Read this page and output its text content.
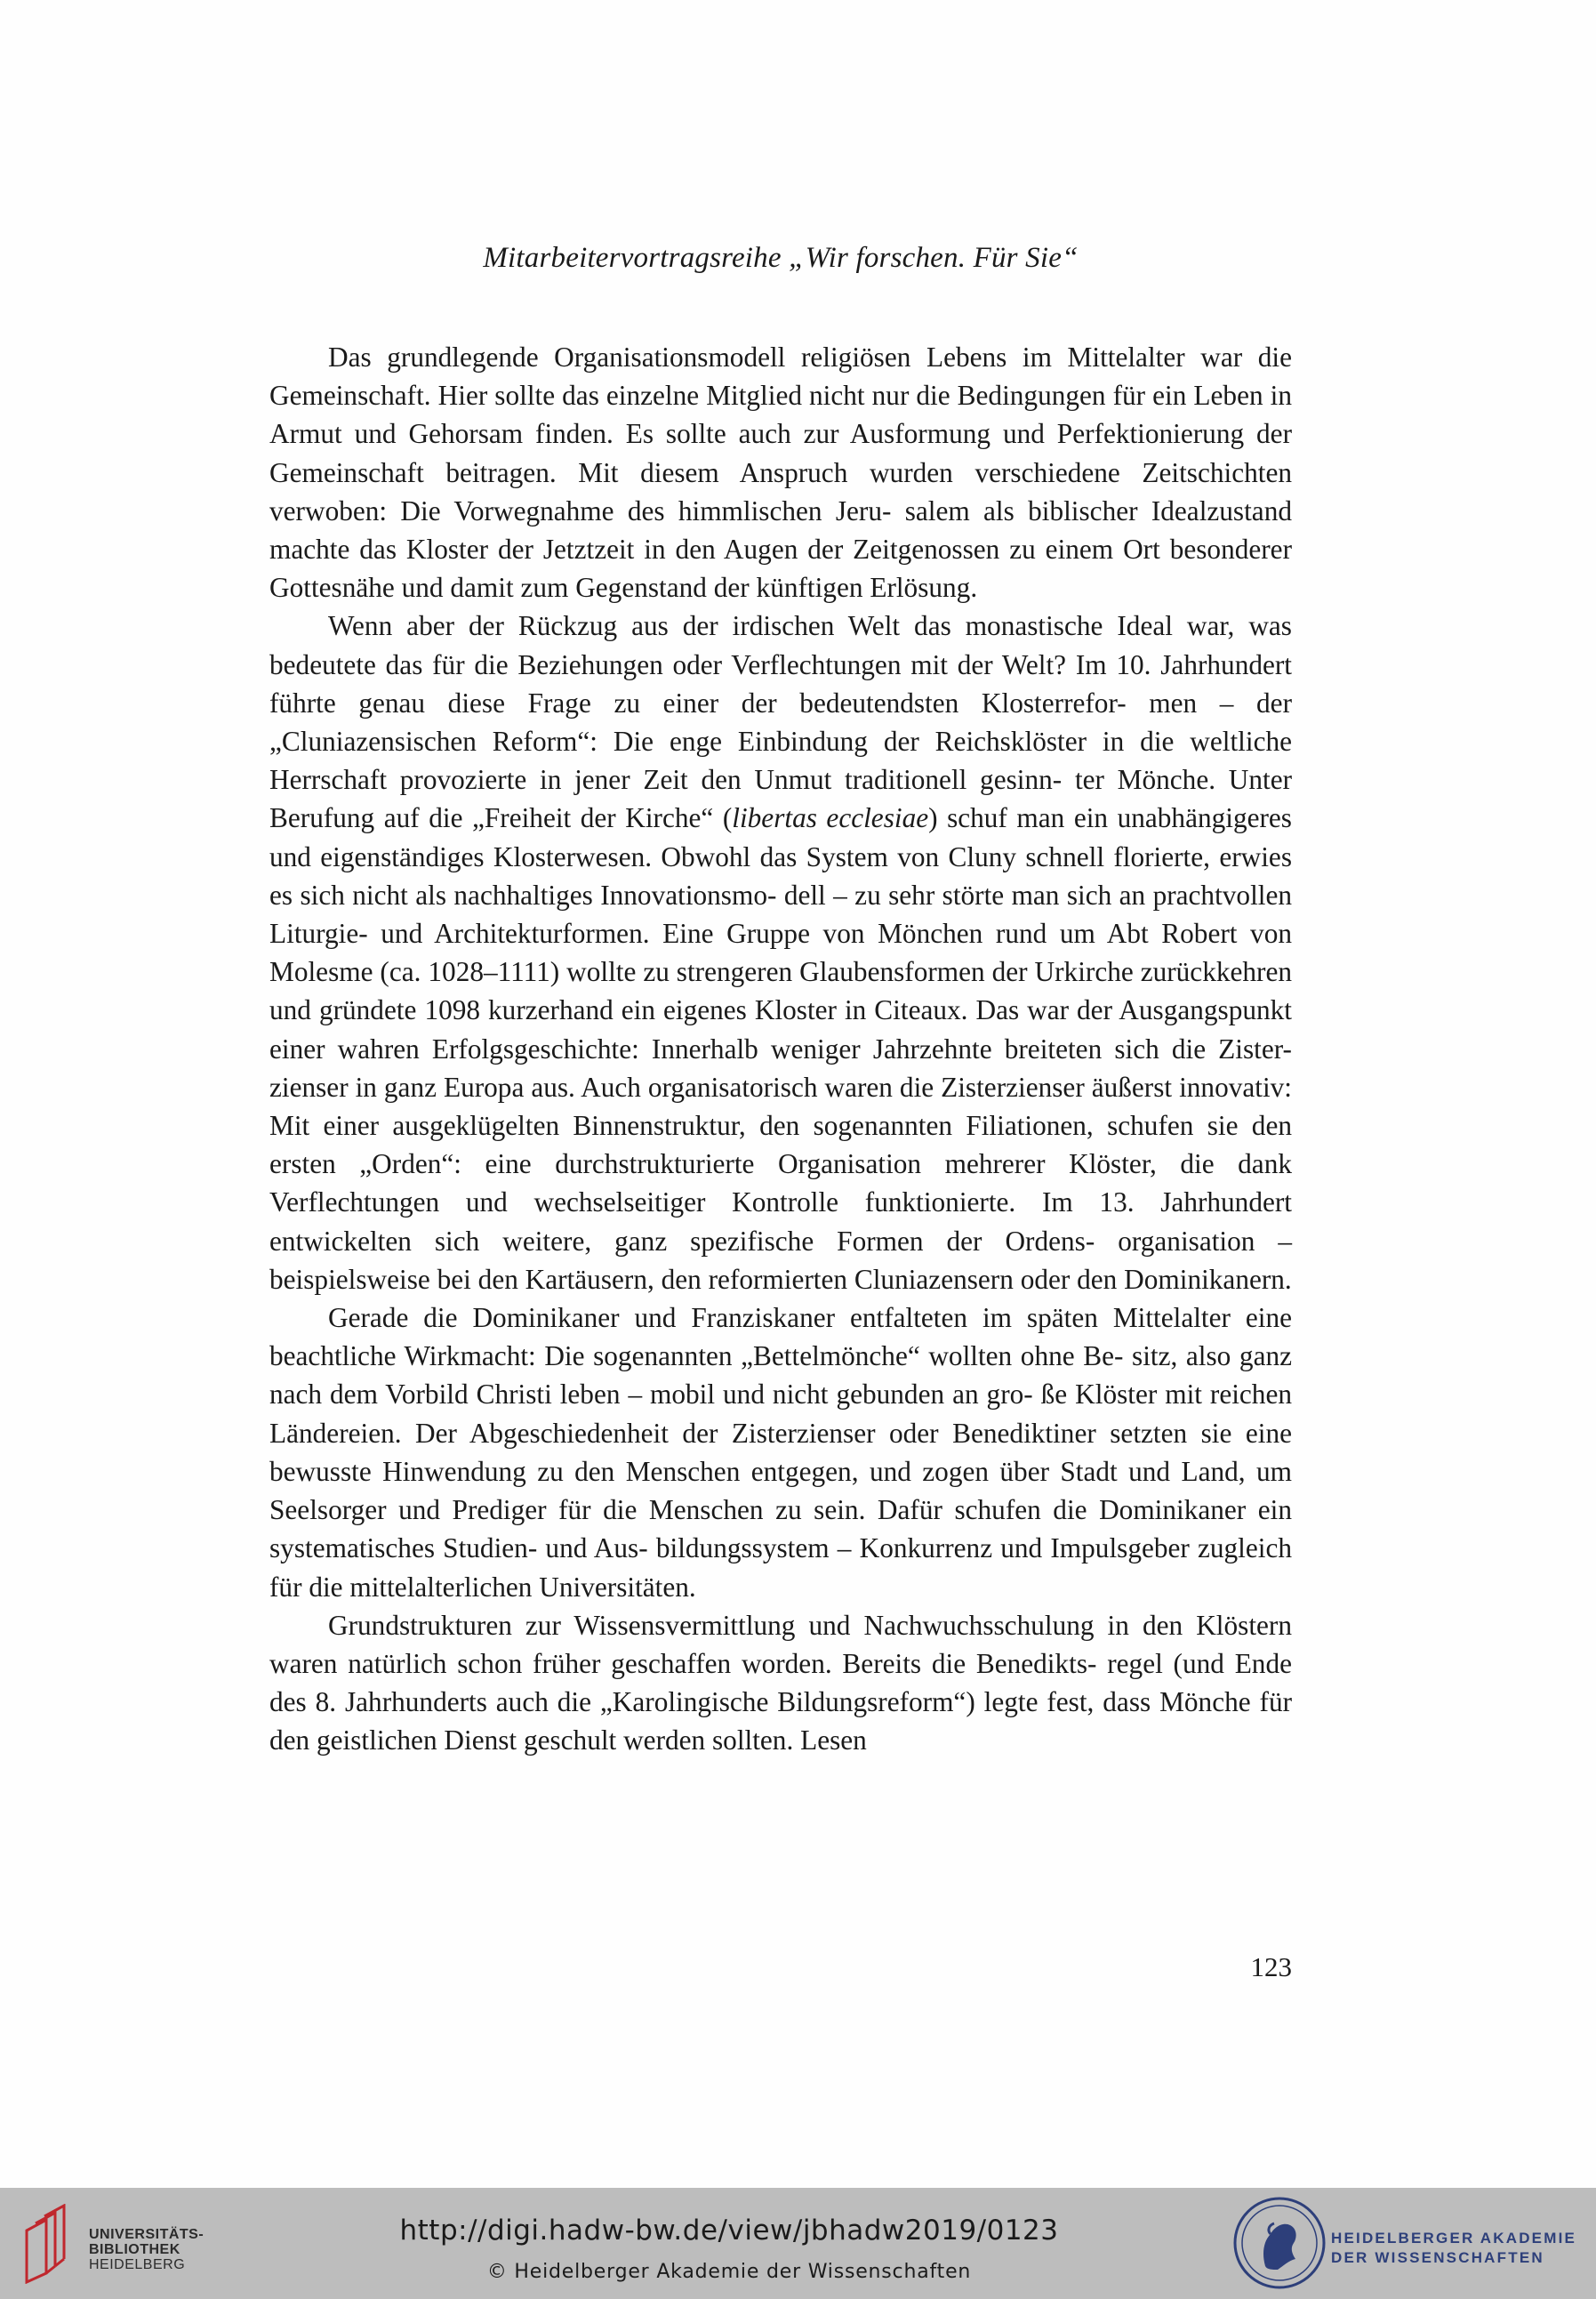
Mitarbeitervortragsreihe „Wir forschen. Für Sie“

Das grundlegende Organisationsmodell religiösen Lebens im Mittelalter war die Gemeinschaft. Hier sollte das einzelne Mitglied nicht nur die Bedingungen für ein Leben in Armut und Gehorsam finden. Es sollte auch zur Ausformung und Perfektionierung der Gemeinschaft beitragen. Mit diesem Anspruch wurden verschiedene Zeitschichten verwoben: Die Vorwegnahme des himmlischen Jeru- salem als biblischer Idealzustand machte das Kloster der Jetztzeit in den Augen der Zeitgenossen zu einem Ort besonderer Gottesnähe und damit zum Gegenstand der künftigen Erlösung.

Wenn aber der Rückzug aus der irdischen Welt das monastische Ideal war, was bedeutete das für die Beziehungen oder Verflechtungen mit der Welt? Im 10. Jahrhundert führte genau diese Frage zu einer der bedeutendsten Klosterrefor- men – der „Cluniazensischen Reform“: Die enge Einbindung der Reichsklöster in die weltliche Herrschaft provozierte in jener Zeit den Unmut traditionell gesinn- ter Mönche. Unter Berufung auf die „Freiheit der Kirche“ (libertas ecclesiae) schuf man ein unabhängigeres und eigenständiges Klosterwesen. Obwohl das System von Cluny schnell florierte, erwies es sich nicht als nachhaltiges Innovationsmo- dell – zu sehr störte man sich an prachtvollen Liturgie- und Architekturformen. Eine Gruppe von Mönchen rund um Abt Robert von Molesme (ca. 1028–1111) wollte zu strengeren Glaubensformen der Urkirche zurückkehren und gründete 1098 kurzerhand ein eigenes Kloster in Citeaux. Das war der Ausgangspunkt einer wahren Erfolgsgeschichte: Innerhalb weniger Jahrzehnte breiteten sich die Zister- zienser in ganz Europa aus. Auch organisatorisch waren die Zisterzienser äußerst innovativ: Mit einer ausgeklügelten Binnenstruktur, den sogenannten Filiationen, schufen sie den ersten „Orden“: eine durchstrukturierte Organisation mehrerer Klöster, die dank Verflechtungen und wechselseitiger Kontrolle funktionierte. Im 13. Jahrhundert entwickelten sich weitere, ganz spezifische Formen der Ordens- organisation – beispielsweise bei den Kartäusern, den reformierten Cluniazensern oder den Dominikanern.

Gerade die Dominikaner und Franziskaner entfalteten im späten Mittelalter eine beachtliche Wirkmacht: Die sogenannten „Bettelmönche“ wollten ohne Be- sitz, also ganz nach dem Vorbild Christi leben – mobil und nicht gebunden an gro- ße Klöster mit reichen Ländereien. Der Abgeschiedenheit der Zisterzienser oder Benediktiner setzten sie eine bewusste Hinwendung zu den Menschen entgegen, und zogen über Stadt und Land, um Seelsorger und Prediger für die Menschen zu sein. Dafür schufen die Dominikaner ein systematisches Studien- und Aus- bildungssystem – Konkurrenz und Impulsgeber zugleich für die mittelalterlichen Universitäten.

Grundstrukturen zur Wissensvermittlung und Nachwuchsschulung in den Klöstern waren natürlich schon früher geschaffen worden. Bereits die Benedikts- regel (und Ende des 8. Jahrhunderts auch die „Karolingische Bildungsreform“) legte fest, dass Mönche für den geistlichen Dienst geschult werden sollten. Lesen

123
UNIVERSITÄTS-
BIBLIOTHEK
HEIDELBERG
http://digi.hadw-bw.de/view/jbhadw2019/0123
© Heidelberger Akademie der Wissenschaften
HEIDELBERGER AKADEMIE
DER WISSENSCHAFTEN
